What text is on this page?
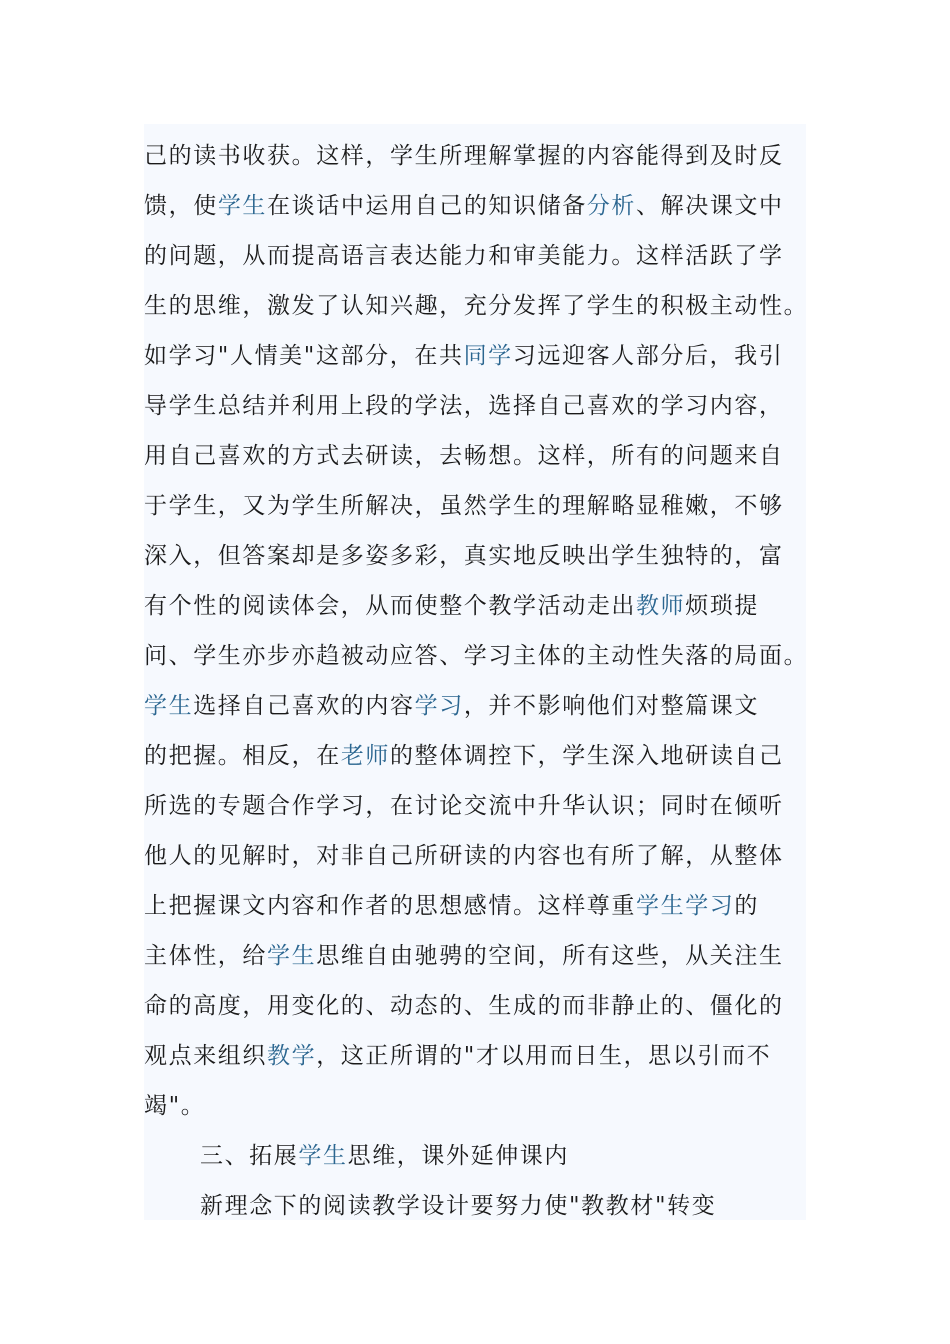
己的读书收获。这样，学生所理解掌握的内容能得到及时反
馈，使学生在谈话中运用自己的知识储备分析、解决课文中
的问题，从而提高语言表达能力和审美能力。这样活跃了学
生的思维，激发了认知兴趣，充分发挥了学生的积极主动性。
如学习"人情美"这部分，在共同学习远迎客人部分后，我引
导学生总结并利用上段的学法，选择自己喜欢的学习内容，
用自己喜欢的方式去研读，去畅想。这样，所有的问题来自
于学生，又为学生所解决，虽然学生的理解略显稚嫩，不够
深入，但答案却是多姿多彩，真实地反映出学生独特的，富
有个性的阅读体会，从而使整个教学活动走出教师烦琐提
问、学生亦步亦趋被动应答、学习主体的主动性失落的局面。
学生选择自己喜欢的内容学习，并不影响他们对整篇课文
的把握。相反，在老师的整体调控下，学生深入地研读自己
所选的专题合作学习，在讨论交流中升华认识；同时在倾听
他人的见解时，对非自己所研读的内容也有所了解，从整体
上把握课文内容和作者的思想感情。这样尊重学生学习的
主体性，给学生思维自由驰骋的空间，所有这些，从关注生
命的高度，用变化的、动态的、生成的而非静止的、僵化的
观点来组织教学，这正所谓的"才以用而日生，思以引而不
竭"。
三、拓展学生思维，课外延伸课内
新理念下的阅读教学设计要努力使"教教材"转变
